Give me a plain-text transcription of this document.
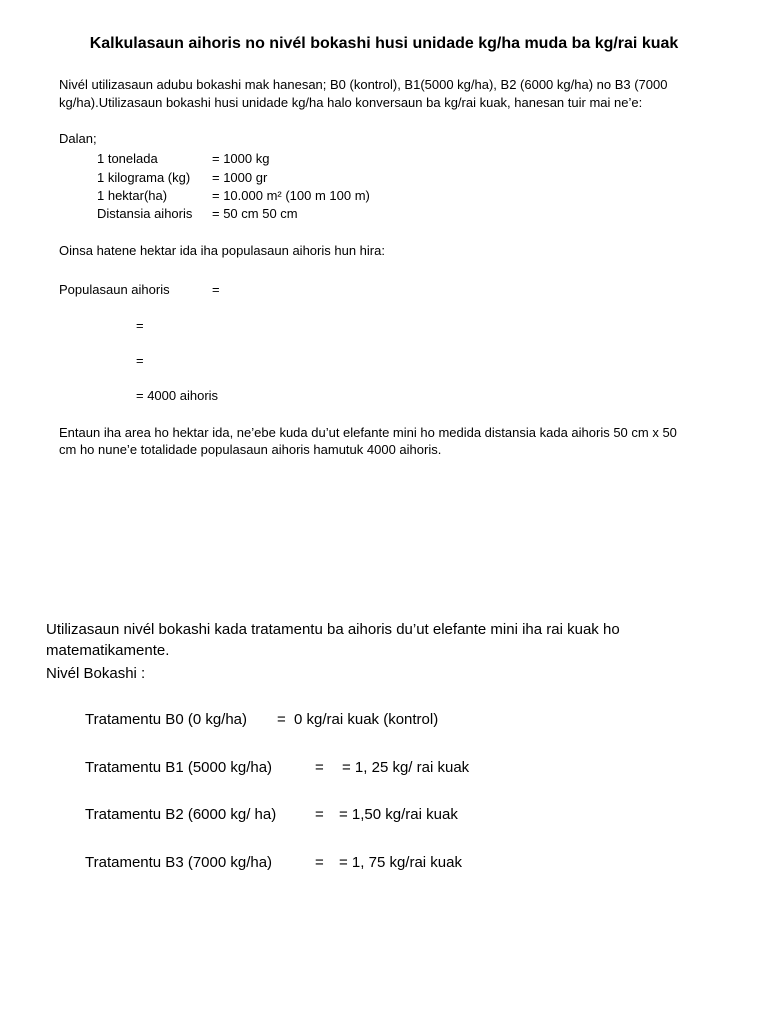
Kalkulasaun aihoris no nivél bokashi husi unidade kg/ha muda ba kg/rai kuak
Nivél utilizasaun adubu bokashi mak hanesan; B0 (kontrol), B1(5000 kg/ha), B2 (6000 kg/ha) no B3 (7000
kg/ha).Utilizasaun bokashi husi unidade kg/ha halo konversaun ba kg/rai kuak, hanesan tuir mai ne’e:
Dalan;
1 tonelada	= 1000 kg
1 kilograma (kg) = 1000 gr
1 hektar(ha)	= 10.000 m² (100 m 100 m)
Distansia aihoris = 50 cm 50 cm
Oinsa hatene hektar ida iha populasaun aihoris hun hira:
Populasaun aihoris	=
=
=
= 4000 aihoris
Entaun iha area ho hektar ida, ne’ebe kuda du’ut elefante mini ho medida distansia kada aihoris 50 cm x 50
cm ho nune’e totalidade populasaun aihoris hamutuk 4000 aihoris.
Utilizasaun nivél bokashi kada tratamentu ba aihoris du’ut elefante mini iha rai kuak ho
matematikamente.
Nivél Bokashi :
Tratamentu B0 (0 kg/ha) = 0 kg/rai kuak (kontrol)
Tratamentu B1 (5000 kg/ha)	= = 1, 25 kg/ rai kuak
Tratamentu B2 (6000 kg/ ha)	= = 1,50 kg/rai kuak
Tratamentu B3 (7000 kg/ha)	= = 1, 75 kg/rai kuak
